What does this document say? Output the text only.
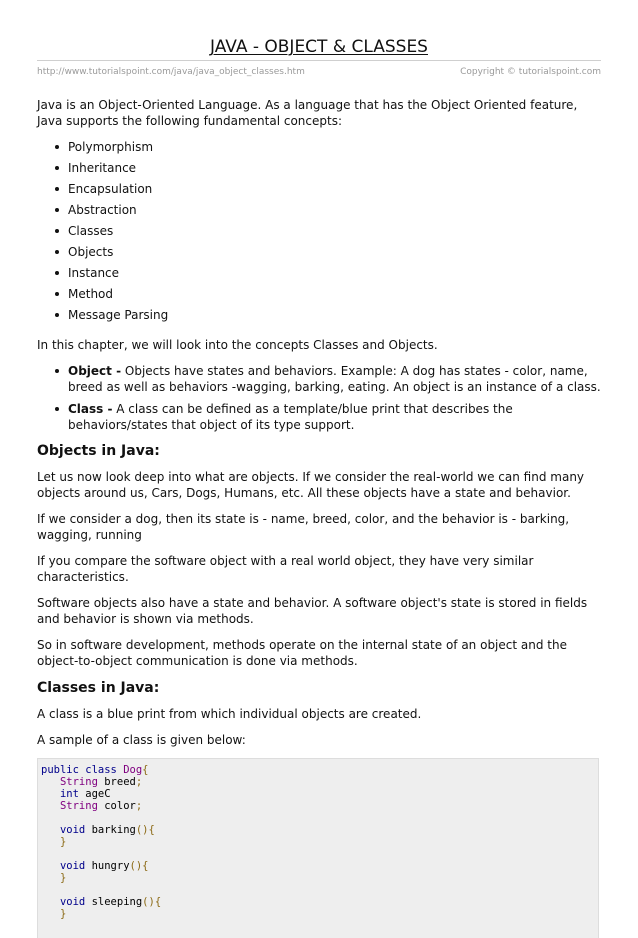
JAVA - OBJECT & CLASSES
http://www.tutorialspoint.com/java/java_object_classes.htm	Copyright © tutorialspoint.com

Java is an Object-Oriented Language. As a language that has the Object Oriented feature, Java supports the following fundamental concepts:

Polymorphism
Inheritance
Encapsulation
Abstraction
Classes
Objects
Instance
Method
Message Parsing

In this chapter, we will look into the concepts Classes and Objects.

Object - Objects have states and behaviors. Example: A dog has states - color, name, breed as well as behaviors -wagging, barking, eating. An object is an instance of a class.
Class - A class can be defined as a template/blue print that describes the behaviors/states that object of its type support.
Objects in Java:

Let us now look deep into what are objects. If we consider the real-world we can find many objects around us, Cars, Dogs, Humans, etc. All these objects have a state and behavior.

If we consider a dog, then its state is - name, breed, color, and the behavior is - barking, wagging, running

If you compare the software object with a real world object, they have very similar characteristics.

Software objects also have a state and behavior. A software object's state is stored in fields and behavior is shown via methods.

So in software development, methods operate on the internal state of an object and the object-to-object communication is done via methods.

Classes in Java:

A class is a blue print from which individual objects are created.

A sample of a class is given below:

public class Dog{
String breed;
int ageC
String color;
void barking(){
}
void hungry(){
}
void sleeping(){
}
